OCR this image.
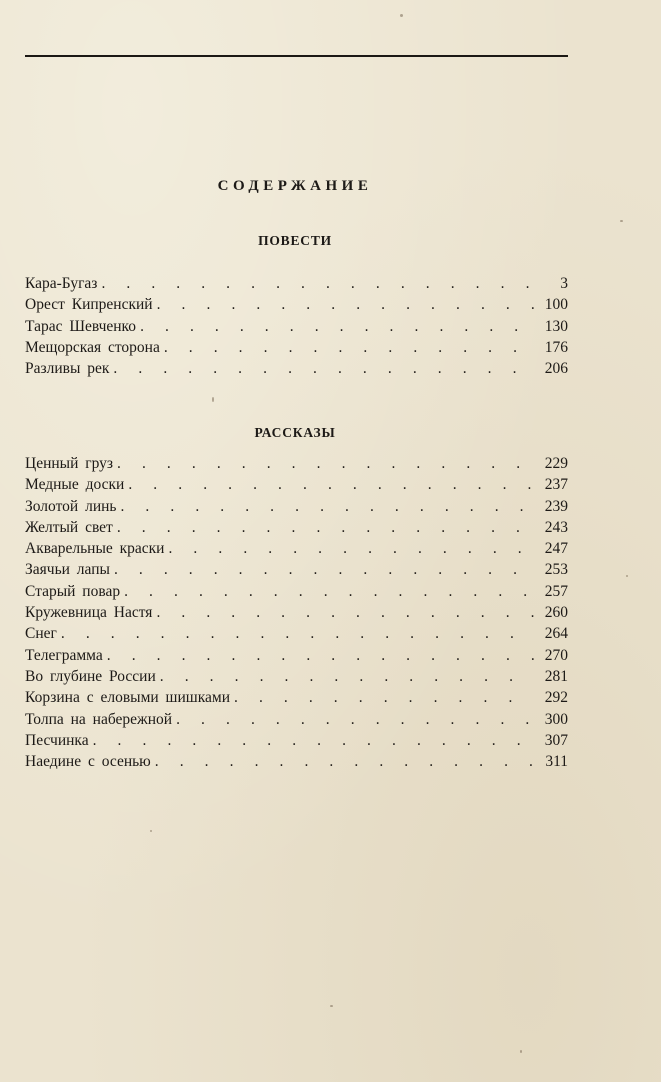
СОДЕРЖАНИЕ
ПОВЕСТИ
Кара-Бугаз . . .	3
Орест Кипренский . . .	100
Тарас Шевченко . . .	130
Мещорская сторона . . .	176
Разливы рек . . .	206
РАССКАЗЫ
Ценный груз . . .	229
Медные доски . . .	237
Золотой линь . . .	239
Желтый свет . . .	243
Акварельные краски . . .	247
Заячьи лапы . . .	253
Старый повар . . .	257
Кружевница Настя . . .	260
Снег . . .	264
Телеграмма . . .	270
Во глубине России . . .	281
Корзина с еловыми шишками . . .	292
Толпа на набережной . . .	300
Песчинка . . .	307
Наедине с осенью . . .	311
